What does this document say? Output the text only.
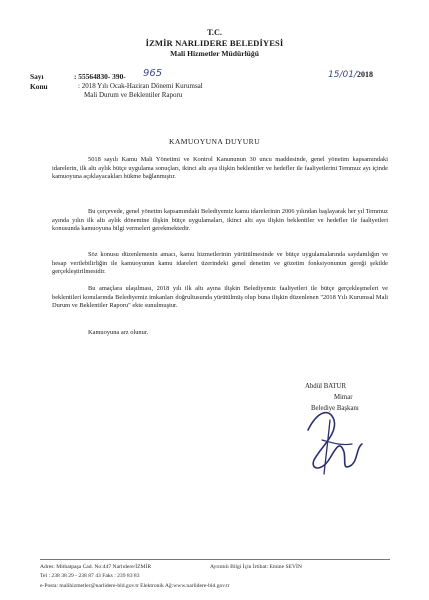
T.C.
İZMİR NARLIDERE BELEDİYESİ
Mali Hizmetler Müdürlüğü
Sayı	: 55564830- 390- 965	15/01/2018
Konu	: 2018 Yılı Ocak-Haziran Dönemi Kurumsal
Mali Durum ve Beklentiler Raporu
KAMUOYUNA DUYURU

5018 sayılı Kamu Mali Yönetimi ve Kontrol Kanununun 30 uncu maddesinde, genel yönetim kapsamındaki idarelerin, ilk altı aylık bütçe uygulama sonuçları, ikinci altı aya ilişkin beklentiler ve hedefler ile faaliyetlerini Temmuz ayı içinde kamuoyuna açıklayacakları hükme bağlanmıştır.

Bu çerçevede, genel yönetim kapsamındaki Belediyemiz kamu idarelerinin 2006 yılından başlayarak her yıl Temmuz ayında yılın ilk altı aylık dönemine ilişkin bütçe uygulamaları, ikinci altı aya ilişkin beklentiler ve hedefler ile faaliyetleri konusunda kamuoyuna bilgi vermeleri gerekmektedir.

Söz konusu düzenlemenin amacı, kamu hizmetlerinin yürütülmesinde ve bütçe uygulamalarında saydamlığın ve hesap verilebilirliğin ile kamuoyunun kamu idareleri üzerindeki genel denetim ve gözetim fonksiyonunun gereği şekilde gerçekleştirilmesidir.

Bu amaçlara ulaşılması, 2018 yılı ilk altı ayına ilişkin Belediyemiz faaliyetleri ile bütçe gerçekleşmeleri ve beklentileri konularında Belediyemiz imkanları doğrultusunda yürütülmüş olup buna ilişkin düzenlenen "2018 Yılı Kurumsal Mali Durum ve Beklentiler Raporu" ekte sunulmuştur.

Kamuoyuna arz olunur.

Abdül BATUR
Mimar
Belediye Başkanı
Adres: Mithatpaşa Cad. No:447 Narlıdere/İZMİR	Ayrıntılı Bilgi İçin İrtibat: Emine SEVİN
Tel : 238 38 29 - 238 87 43 Faks : 239 83 83
e-Posta: malihizmetler@narlidere-bld.gov.tr Elektronik Ağ:www.narlidere-bld.gov.tr
